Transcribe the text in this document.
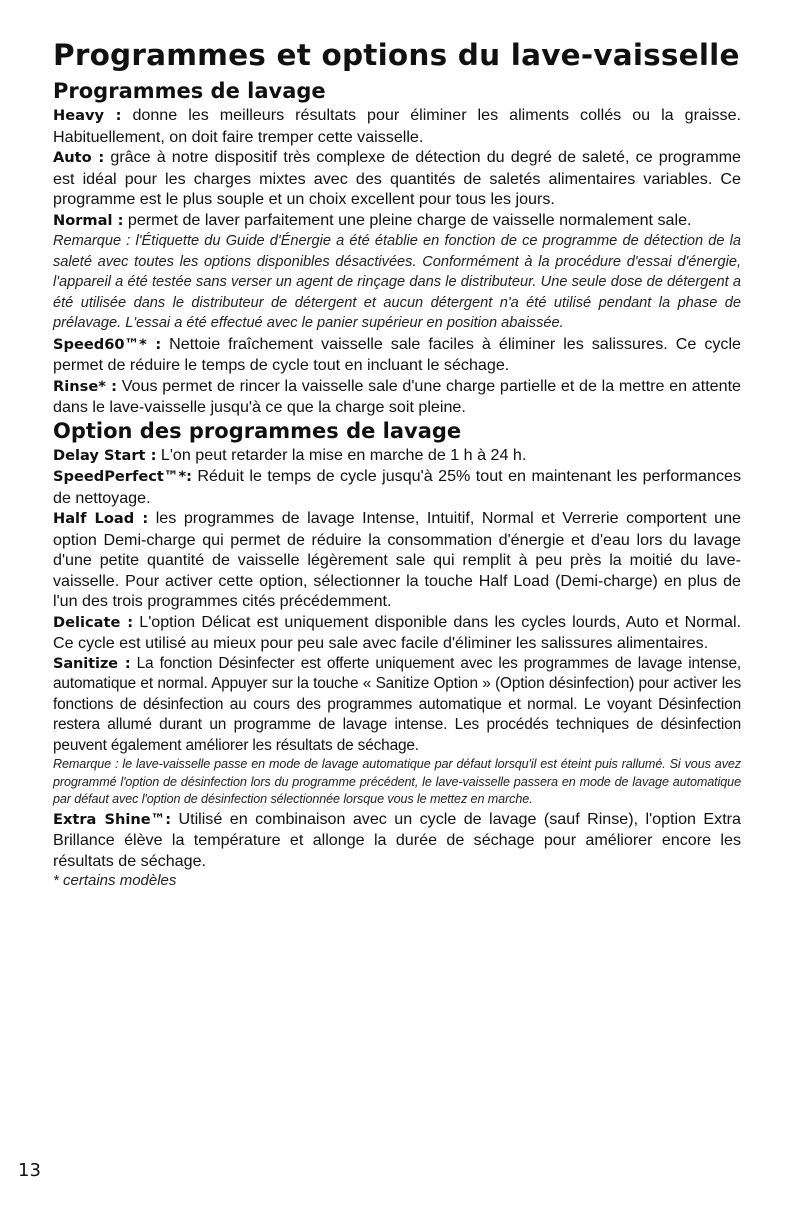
Programmes et options du lave-vaisselle
Programmes de lavage

Heavy : donne les meilleurs résultats pour éliminer les aliments collés ou la graisse. Habituellement, on doit faire tremper cette vaisselle.

Auto : grâce à notre dispositif très complexe de détection du degré de saleté, ce programme est idéal pour les charges mixtes avec des quantités de saletés alimentaires variables. Ce programme est le plus souple et un choix excellent pour tous les jours.

Normal : permet de laver parfaitement une pleine charge de vaisselle normalement sale.

Remarque : l'Étiquette du Guide d'Énergie a été établie en fonction de ce programme de détection de la saleté avec toutes les options disponibles désactivées. Conformément à la procédure d'essai d'énergie, l'appareil a été testée sans verser un agent de rinçage dans le distributeur. Une seule dose de détergent a été utilisée dans le distributeur de détergent et aucun détergent n'a été utilisé pendant la phase de prélavage. L'essai a été effectué avec le panier supérieur en position abaissée.

Speed60™* : Nettoie fraîchement vaisselle sale faciles à éliminer les salissures. Ce cycle permet de réduire le temps de cycle tout en incluant le séchage.

Rinse* : Vous permet de rincer la vaisselle sale d'une charge partielle et de la mettre en attente dans le lave-vaisselle jusqu'à ce que la charge soit pleine.

Option des programmes de lavage

Delay Start : L'on peut retarder la mise en marche de 1 h à 24 h.

SpeedPerfect™*: Réduit le temps de cycle jusqu'à 25% tout en maintenant les performances de nettoyage.

Half Load : les programmes de lavage Intense, Intuitif, Normal et Verrerie comportent une option Demi-charge qui permet de réduire la consommation d'énergie et d'eau lors du lavage d'une petite quantité de vaisselle légèrement sale qui remplit à peu près la moitié du lave-vaisselle. Pour activer cette option, sélectionner la touche Half Load (Demi-charge) en plus de l'un des trois programmes cités précédemment.

Delicate : L'option Délicat est uniquement disponible dans les cycles lourds, Auto et Normal. Ce cycle est utilisé au mieux pour peu sale avec facile d'éliminer les salissures alimentaires.

Sanitize : La fonction Désinfecter est offerte uniquement avec les programmes de lavage intense, automatique et normal. Appuyer sur la touche « Sanitize Option » (Option désinfection) pour activer les fonctions de désinfection au cours des programmes automatique et normal. Le voyant Désinfection restera allumé durant un programme de lavage intense. Les procédés techniques de désinfection peuvent également améliorer les résultats de séchage.

Remarque : le lave-vaisselle passe en mode de lavage automatique par défaut lorsqu'il est éteint puis rallumé. Si vous avez programmé l'option de désinfection lors du programme précédent, le lave-vaisselle passera en mode de lavage automatique par défaut avec l'option de désinfection sélectionnée lorsque vous le mettez en marche.

Extra Shine™: Utilisé en combinaison avec un cycle de lavage (sauf Rinse), l'option Extra Brillance élève la température et allonge la durée de séchage pour améliorer encore les résultats de séchage.

* certains modèles

13
